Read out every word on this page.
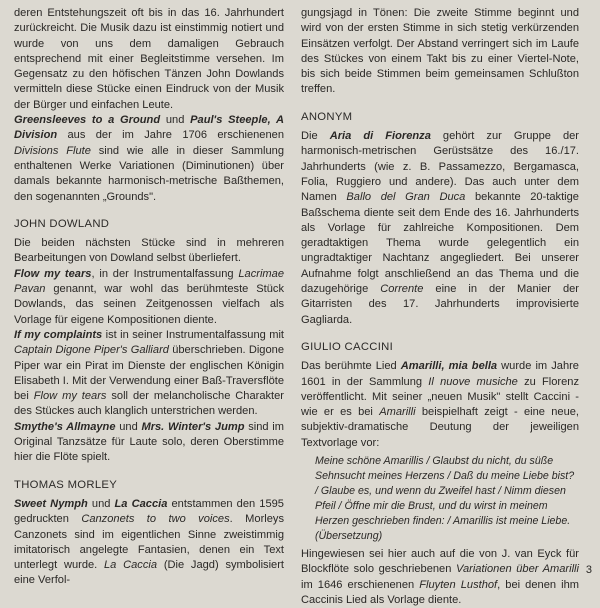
deren Entstehungszeit oft bis in das 16. Jahrhundert zurückreicht. Die Musik dazu ist einstimmig notiert und wurde von uns dem damaligen Gebrauch entsprechend mit einer Begleitstimme versehen. Im Gegensatz zu den höfischen Tänzen John Dowlands vermitteln diese Stücke einen Eindruck von der Musik der Bürger und einfachen Leute.

Greensleeves to a Ground und Paul's Steeple, A Division aus der im Jahre 1706 erschienenen Divisions Flute sind wie alle in dieser Sammlung enthaltenen Werke Variationen (Diminutionen) über damals bekannte harmonisch-metrische Baßthemen, den sogenannten „Grounds".

JOHN DOWLAND

Die beiden nächsten Stücke sind in mehreren Bearbeitungen von Dowland selbst überliefert.

Flow my tears, in der Instrumentalfassung Lacrimae Pavan genannt, war wohl das berühmteste Stück Dowlands, das seinen Zeitgenossen vielfach als Vorlage für eigene Kompositionen diente.

If my complaints ist in seiner Instrumentalfassung mit Captain Digone Piper's Galliard überschrieben. Digone Piper war ein Pirat im Dienste der englischen Königin Elisabeth I. Mit der Verwendung einer Baß-Traversflöte bei Flow my tears soll der melancholische Charakter des Stückes auch klanglich unterstrichen werden.

Smythe's Allmayne und Mrs. Winter's Jump sind im Original Tanzsätze für Laute solo, deren Oberstimme hier die Flöte spielt.

THOMAS MORLEY

Sweet Nymph und La Caccia entstammen den 1595 gedruckten Canzonets to two voices. Morleys Canzonets sind im eigentlichen Sinne zweistimmig imitatorisch angelegte Fantasien, denen ein Text unterlegt wurde. La Caccia (Die Jagd) symbolisiert eine Verfol-

gungsjagd in Tönen: Die zweite Stimme beginnt und wird von der ersten Stimme in sich stetig verkürzenden Einsätzen verfolgt. Der Abstand verringert sich im Laufe des Stückes von einem Takt bis zu einer Viertel-Note, bis sich beide Stimmen beim gemeinsamen Schlußton treffen.

ANONYM

Die Aria di Fiorenza gehört zur Gruppe der harmonisch-metrischen Gerüstsätze des 16./17. Jahrhunderts (wie z. B. Passamezzo, Bergamasca, Folia, Ruggiero und andere). Das auch unter dem Namen Ballo del Gran Duca bekannte 20-taktige Baßschema diente seit dem Ende des 16. Jahrhunderts als Vorlage für zahlreiche Kompositionen. Dem geradtaktigen Thema wurde gelegentlich ein ungradtaktiger Nachtanz angegliedert. Bei unserer Aufnahme folgt anschließend an das Thema und die dazugehörige Corrente eine in der Manier der Gitarristen des 17. Jahrhunderts improvisierte Gagliarda.

GIULIO CACCINI

Das berühmte Lied Amarilli, mia bella wurde im Jahre 1601 in der Sammlung Il nuove musiche zu Florenz veröffentlicht. Mit seiner „neuen Musik" stellt Caccini - wie er es bei Amarilli beispielhaft zeigt - eine neue, subjektiv-dramatische Deutung der jeweiligen Textvorlage vor:

Meine schöne Amarillis / Glaubst du nicht, du süße Sehnsucht meines Herzens / Daß du meine Liebe bist? / Glaube es, und wenn du Zweifel hast / Nimm diesen Pfeil / Öffne mir die Brust, und du wirst in meinem Herzen geschrieben finden: / Amarillis ist meine Liebe. (Übersetzung)

Hingewiesen sei hier auch auf die von J. van Eyck für Blockflöte solo geschriebenen Variationen über Amarilli im 1646 erschienenen Fluyten Lusthof, bei denen ihm Caccinis Lied als Vorlage diente.

3
